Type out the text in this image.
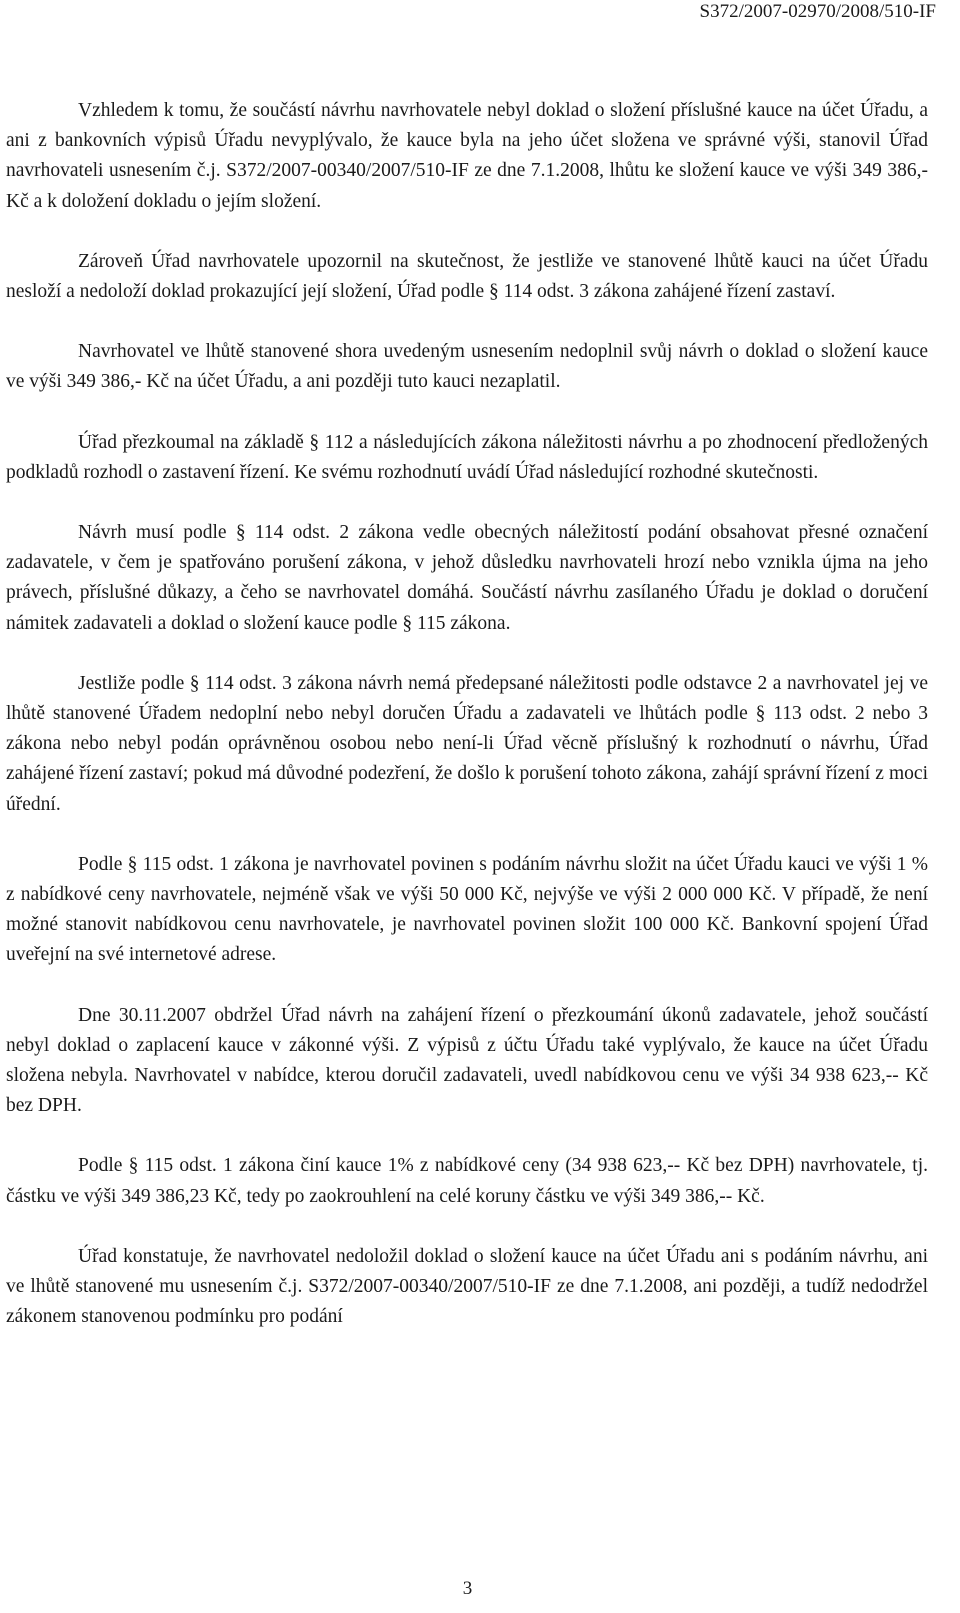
S372/2007-02970/2008/510-IF

Vzhledem k tomu, že součástí návrhu navrhovatele nebyl doklad o složení příslušné kauce na účet Úřadu, a ani z bankovních výpisů Úřadu nevyplývalo, že kauce byla na jeho účet složena ve správné výši, stanovil Úřad navrhovateli usnesením č.j. S372/2007-00340/2007/510-IF ze dne 7.1.2008, lhůtu ke složení kauce ve výši 349 386,- Kč a k doložení dokladu o jejím složení.

Zároveň Úřad navrhovatele upozornil na skutečnost, že jestliže ve stanovené lhůtě kauci na účet Úřadu nesloží a nedoloží doklad prokazující její složení, Úřad podle § 114 odst. 3 zákona zahájené řízení zastaví.

Navrhovatel ve lhůtě stanovené shora uvedeným usnesením nedoplnil svůj návrh o doklad o složení kauce ve výši 349 386,- Kč na účet Úřadu, a ani později tuto kauci nezaplatil.

Úřad přezkoumal na základě § 112 a následujících zákona náležitosti návrhu a po zhodnocení předložených podkladů rozhodl o zastavení řízení. Ke svému rozhodnutí uvádí Úřad následující rozhodné skutečnosti.

Návrh musí podle § 114 odst. 2 zákona vedle obecných náležitostí podání obsahovat přesné označení zadavatele, v čem je spatřováno porušení zákona, v jehož důsledku navrhovateli hrozí nebo vznikla újma na jeho právech, příslušné důkazy, a čeho se navrhovatel domáhá. Součástí návrhu zasílaného Úřadu je doklad o doručení námitek zadavateli a doklad o složení kauce podle § 115 zákona.

Jestliže podle § 114 odst. 3 zákona návrh nemá předepsané náležitosti podle odstavce 2 a navrhovatel jej ve lhůtě stanovené Úřadem nedoplní nebo nebyl doručen Úřadu a zadavateli ve lhůtách podle § 113 odst. 2 nebo 3 zákona nebo nebyl podán oprávněnou osobou nebo není-li Úřad věcně příslušný k rozhodnutí o návrhu, Úřad zahájené řízení zastaví; pokud má důvodné podezření, že došlo k porušení tohoto zákona, zahájí správní řízení z moci úřední.

Podle § 115 odst. 1 zákona je navrhovatel povinen s podáním návrhu složit na účet Úřadu kauci ve výši 1 % z nabídkové ceny navrhovatele, nejméně však ve výši 50 000 Kč, nejvýše ve výši 2 000 000 Kč. V případě, že není možné stanovit nabídkovou cenu navrhovatele, je navrhovatel povinen složit 100 000 Kč. Bankovní spojení Úřad uveřejní na své internetové adrese.

Dne 30.11.2007 obdržel Úřad návrh na zahájení řízení o přezkoumání úkonů zadavatele, jehož součástí nebyl doklad o zaplacení kauce v zákonné výši. Z výpisů z účtu Úřadu také vyplývalo, že kauce na účet Úřadu složena nebyla. Navrhovatel v nabídce, kterou doručil zadavateli, uvedl nabídkovou cenu ve výši 34 938 623,-- Kč bez DPH.

Podle § 115 odst. 1 zákona činí kauce 1% z nabídkové ceny (34 938 623,-- Kč bez DPH) navrhovatele, tj. částku ve výši 349 386,23 Kč, tedy po zaokrouhlení na celé koruny částku ve výši 349 386,-- Kč.

Úřad konstatuje, že navrhovatel nedoložil doklad o složení kauce na účet Úřadu ani s podáním návrhu, ani ve lhůtě stanovené mu usnesením č.j. S372/2007-00340/2007/510-IF ze dne 7.1.2008, ani později, a tudíž nedodržel zákonem stanovenou podmínku pro podání

3
